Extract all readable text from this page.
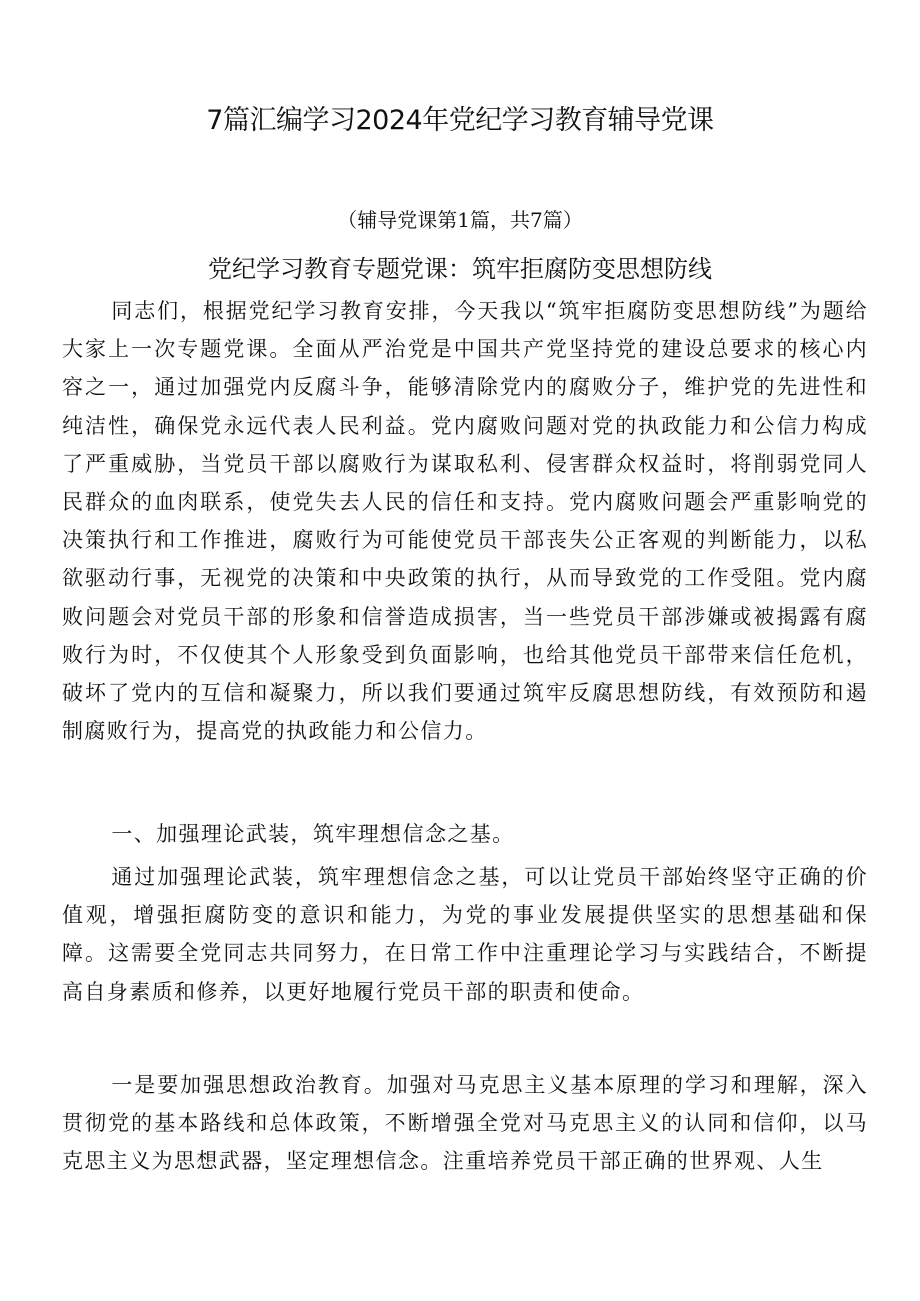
7篇汇编学习2024年党纪学习教育辅导党课

（辅导党课第1篇，共7篇）

党纪学习教育专题党课：筑牢拒腐防变思想防线

同志们，根据党纪学习教育安排，今天我以“筑牢拒腐防变思想防线”为题给大家上一次专题党课。全面从严治党是中国共产党坚持党的建设总要求的核心内容之一，通过加强党内反腐斗争，能够清除党内的腐败分子，维护党的先进性和纯洁性，确保党永远代表人民利益。党内腐败问题对党的执政能力和公信力构成了严重威胁，当党员干部以腐败行为谋取私利、侵害群众权益时，将削弱党同人民群众的血肉联系，使党失去人民的信任和支持。党内腐败问题会严重影响党的决策执行和工作推进，腐败行为可能使党员干部丧失公正客观的判断能力，以私欲驱动行事，无视党的决策和中央政策的执行，从而导致党的工作受阻。党内腐败问题会对党员干部的形象和信誉造成损害，当一些党员干部涉嫌或被揭露有腐败行为时，不仅使其个人形象受到负面影响，也给其他党员干部带来信任危机，破坏了党内的互信和凝聚力，所以我们要通过筑牢反腐思想防线，有效预防和遏制腐败行为，提高党的执政能力和公信力。

一、加强理论武装，筑牢理想信念之基。

通过加强理论武装，筑牢理想信念之基，可以让党员干部始终坚守正确的价值观，增强拒腐防变的意识和能力，为党的事业发展提供坚实的思想基础和保障。这需要全党同志共同努力，在日常工作中注重理论学习与实践结合，不断提高自身素质和修养，以更好地履行党员干部的职责和使命。

一是要加强思想政治教育。加强对马克思主义基本原理的学习和理解，深入贯彻党的基本路线和总体政策，不断增强全党对马克思主义的认同和信仰，以马克思主义为思想武器，坚定理想信念。注重培养党员干部正确的世界观、人生
